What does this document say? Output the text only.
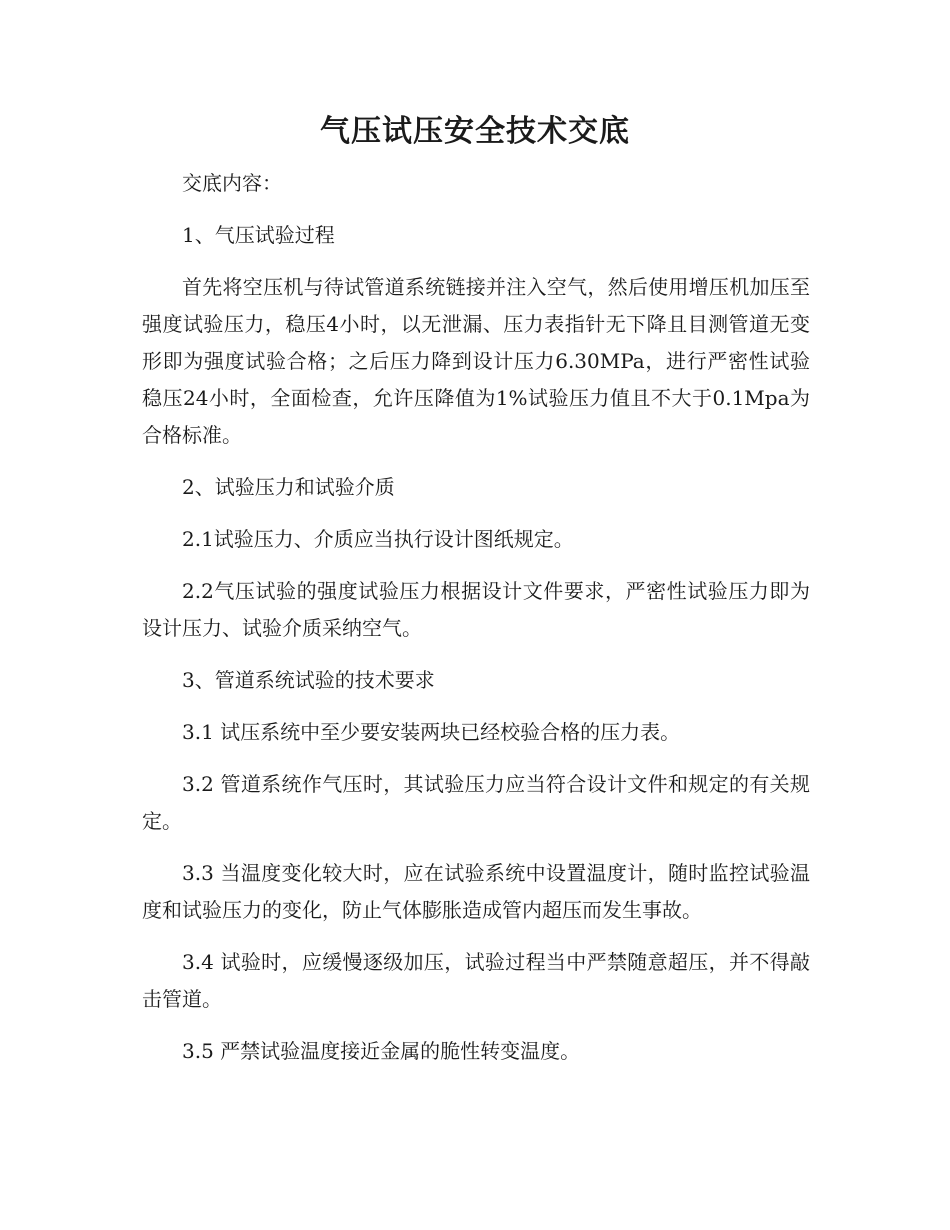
气压试压安全技术交底

交底内容：

1、气压试验过程

首先将空压机与待试管道系统链接并注入空气，然后使用增压机加压至强度试验压力，稳压4小时，以无泄漏、压力表指针无下降且目测管道无变形即为强度试验合格；之后压力降到设计压力6.30MPa，进行严密性试验稳压24小时，全面检查，允许压降值为1%试验压力值且不大于0.1Mpa为合格标准。

2、试验压力和试验介质

2.1试验压力、介质应当执行设计图纸规定。

2.2气压试验的强度试验压力根据设计文件要求，严密性试验压力即为设计压力、试验介质采纳空气。

3、管道系统试验的技术要求

3.1 试压系统中至少要安装两块已经校验合格的压力表。

3.2 管道系统作气压时，其试验压力应当符合设计文件和规定的有关规定。

3.3 当温度变化较大时，应在试验系统中设置温度计，随时监控试验温度和试验压力的变化，防止气体膨胀造成管内超压而发生事故。

3.4 试验时，应缓慢逐级加压，试验过程当中严禁随意超压，并不得敲击管道。

3.5 严禁试验温度接近金属的脆性转变温度。
